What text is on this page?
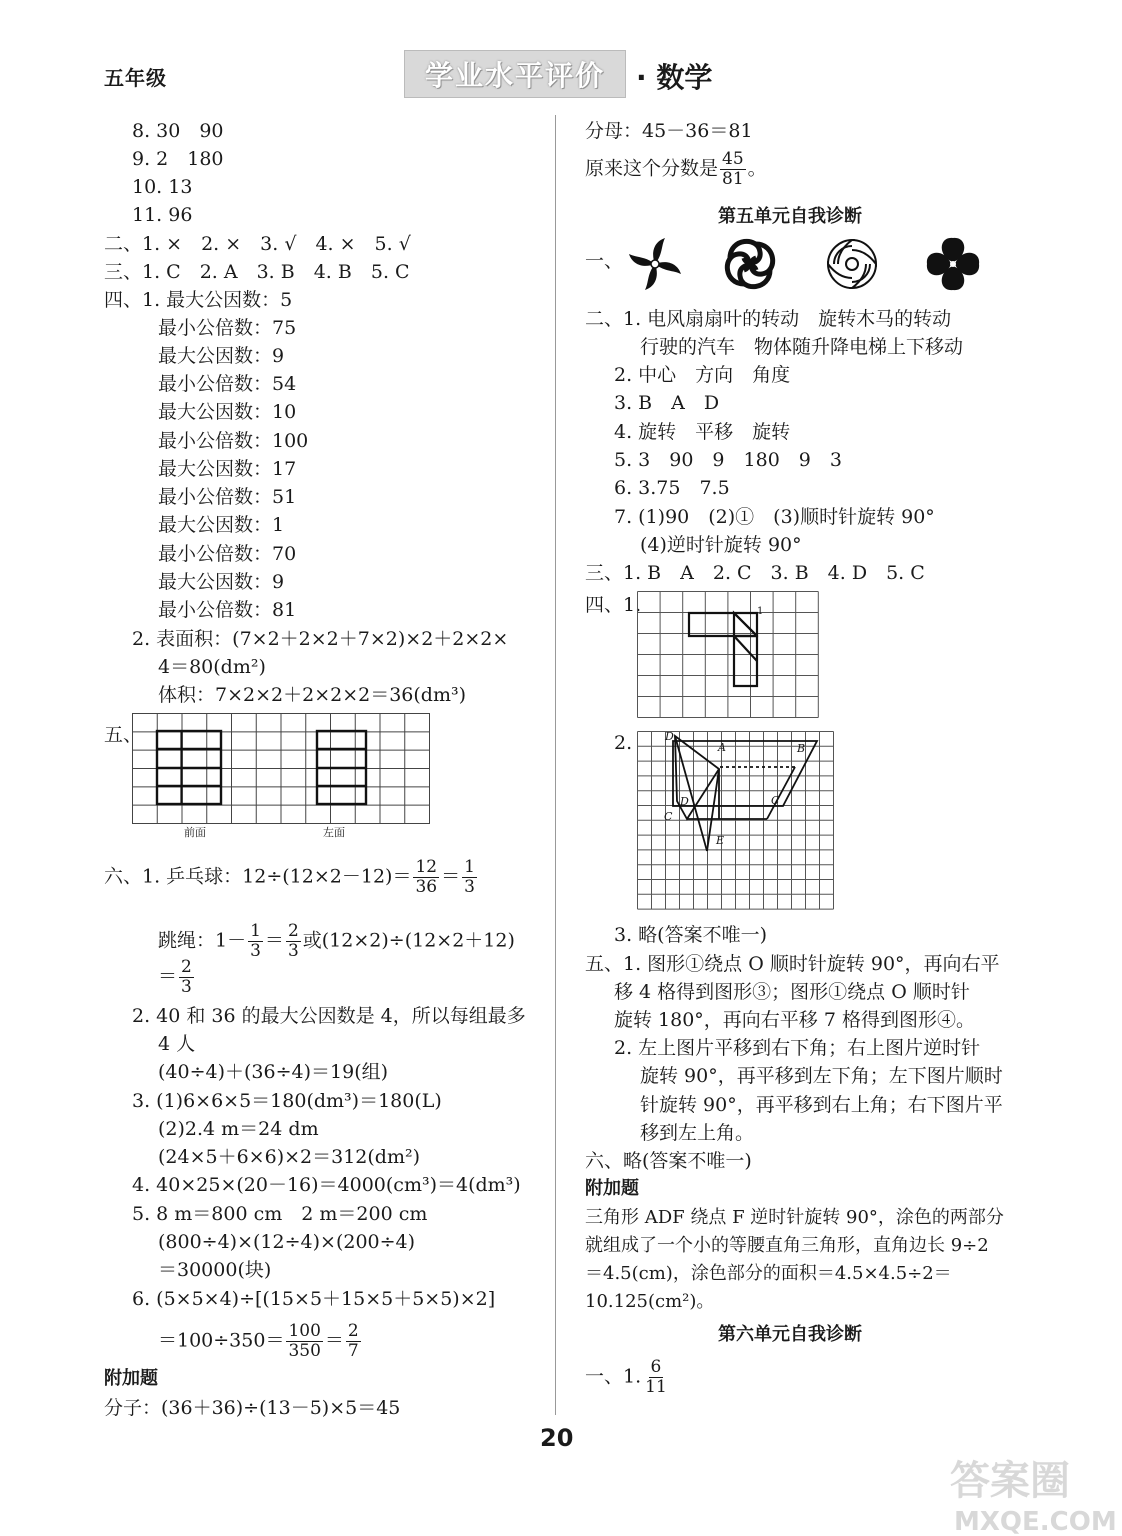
五年级	学业水平评价	· 数学
8. 30　90
9. 2　180
10. 13
11. 96
二、1. ×　2. ×　3. √　4. ×　5. √
三、1. C　2. A　3. B　4. B　5. C
四、1. 最大公因数：5
最小公倍数：75
最大公因数：9
最小公倍数：54
最大公因数：10
最小公倍数：100
最大公因数：17
最小公倍数：51
最大公因数：1
最小公倍数：70
最大公因数：9
最小公倍数：81
2. 表面积：(7×2＋2×2＋7×2)×2＋2×2×
4＝80(dm²)
体积：7×2×2＋2×2×2＝36(dm³)
五、
前面	左面
六、1. 乒乓球：$12\div(12\times 2-12)= \frac{12}{36} = \frac{1}{3}$
跳绳：$1- \frac{1}{3} = \frac{2}{3}$ 或(12×2)÷(12×2＋12)
＝ $\frac{2}{3}$
2. 40 和 36 的最大公因数是 4，所以每组最多
4 人
(40÷4)＋(36÷4)＝19(组)
3. (1)6×6×5＝180(dm³)＝180(L)
(2)2.4 m＝24 dm
(24×5＋6×6)×2＝312(dm²)
4. 40×25×(20－16)＝4000(cm³)＝4(dm³)
5. 8 m＝800 cm　2 m＝200 cm
(800÷4)×(12÷4)×(200÷4)
＝30000(块)
6. (5×5×4)÷[(15×5＋15×5＋5×5)×2]
$=100\div 350= \frac{100}{350} = \frac{2}{7}$
附加题
分子：(36＋36)÷(13－5)×5＝45
分母：45－36＝81
原来这个分数是 $\frac{45}{81}$ 。
第五单元自我诊断
一、
二、1. 电风扇扇叶的转动　旋转木马的转动
行驶的汽车　物体随升降电梯上下移动
2. 中心　方向　角度
3. B　A　D
4. 旋转　平移　旋转
5. 3　90　9　180　9　3
6. 3.75　7.5
7. (1)90　(2)①　(3)顺时针旋转 90°
(4)逆时针旋转 90°
三、1. B　A　2. C　3. B　4. D　5. C
四、1.	1
2.	D
A	B
C
D
C
E
3. 略(答案不唯一)
五、1. 图形①绕点 O 顺时针旋转 90°，再向右平
移 4 格得到图形③；图形①绕点 O 顺时针
旋转 180°，再向右平移 7 格得到图形④。
2. 左上图片平移到右下角；右上图片逆时针
旋转 90°，再平移到左下角；左下图片顺时
针旋转 90°，再平移到右上角；右下图片平
移到左上角。
六、略(答案不唯一)
附加题
三角形 ADF 绕点 F 逆时针旋转 90°，涂色的两部分
就组成了一个小的等腰直角三角形，直角边长 9÷2
＝4.5(cm)，涂色部分的面积＝4.5×4.5÷2＝
10.125(cm²)。
第六单元自我诊断
一、1. $\frac{6}{11}$
20
答案圈
MXQE.COM
